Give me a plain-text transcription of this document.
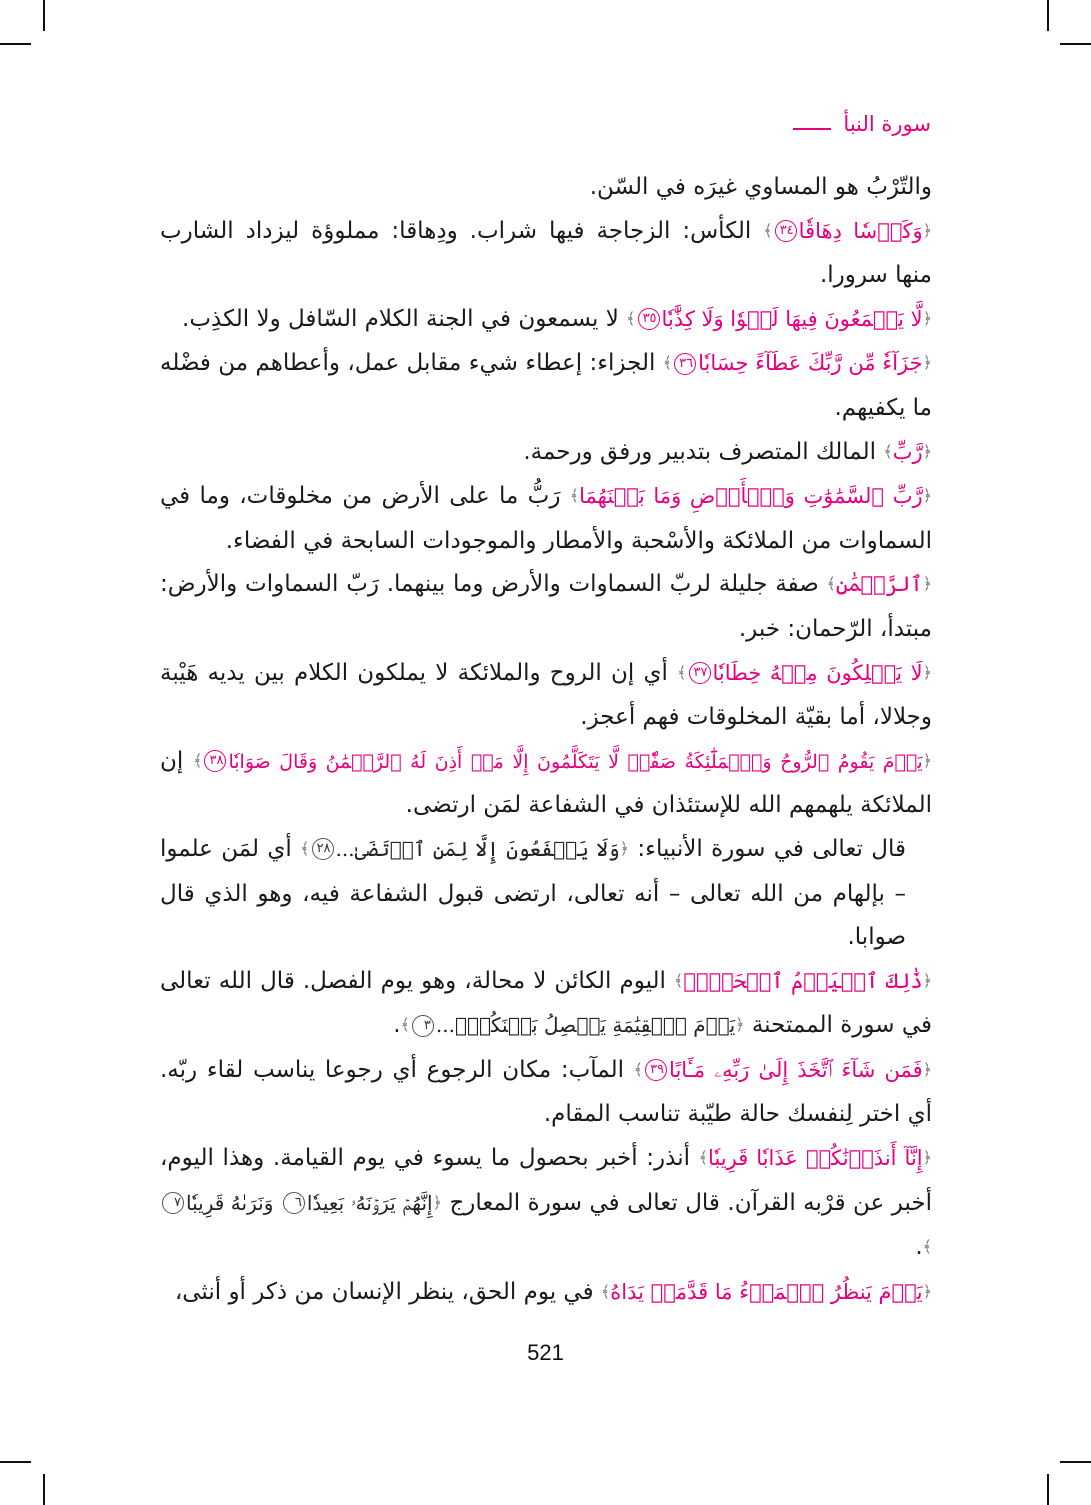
سورة النبأ

والتّرْبُ هو المساوي غيرَه في السّن.

﴿وَكَأۡسٗا دِهَاقٗا٣٤﴾ الكأس: الزجاجة فيها شراب. ودِهاقا: مملوؤة ليزداد الشارب منها سرورا.

﴿لَّا يَسۡمَعُونَ فِيهَا لَغۡوٗا وَلَا كِذَّٰبٗا٣٥﴾ لا يسمعون في الجنة الكلام السّافل ولا الكذِب.

﴿جَزَآءٗ مِّن رَّبِّكَ عَطَآءً حِسَابٗا٣٦﴾ الجزاء: إعطاء شيء مقابل عمل، وأعطاهم من فضْله ما يكفيهم.

﴿رَّبِّ﴾ المالك المتصرف بتدبير ورفق ورحمة.

﴿رَّبِّ ٱلسَّمَٰوَٰتِ وَٱلۡأَرۡضِ وَمَا بَيۡنَهُمَا﴾ رَبُّ ما على الأرض من مخلوقات، وما في السماوات من الملائكة والأسْحبة والأمطار والموجودات السابحة في الفضاء.

﴿ٱلرَّحۡمَٰنِ﴾ صفة جليلة لربّ السماوات والأرض وما بينهما. رَبّ السماوات والأرض: مبتدأ، الرّحمان: خبر.

﴿لَا يَمۡلِكُونَ مِنۡهُ خِطَابٗا٣٧﴾ أي إن الروح والملائكة لا يملكون الكلام بين يديه هَيْبة وجلالا، أما بقيّة المخلوقات فهم أعجز.

﴿يَوۡمَ يَقُومُ ٱلرُّوحُ وَٱلۡمَلَٰٓئِكَةُ صَفّٗاۖ لَّا يَتَكَلَّمُونَ إِلَّا مَنۡ أَذِنَ لَهُ ٱلرَّحۡمَٰنُ وَقَالَ صَوَابٗا٣٨﴾ إن الملائكة يلهمهم الله للإستئذان في الشفاعة لمَن ارتضى.

قال تعالى في سورة الأنبياء: ﴿وَلَا يَشۡفَعُونَ إِلَّا لِمَنِ ٱرۡتَضَىٰ...٢٨﴾ أي لمَن علموا – بإلهام من الله تعالى – أنه تعالى، ارتضى قبول الشفاعة فيه، وهو الذي قال صوابا.

﴿ذَٰلِكَ ٱلۡيَوۡمُ ٱلۡحَقُّۖ﴾ اليوم الكائن لا محالة، وهو يوم الفصل. قال الله تعالى في سورة الممتحنة ﴿يَوۡمَ ٱلۡقِيَٰمَةِ يَفۡصِلُ بَيۡنَكُمۡۚ...٣﴾.

﴿فَمَن شَآءَ ٱتَّخَذَ إِلَىٰ رَبِّهِۦ مَـَٔابًا٣٩﴾ المآب: مكان الرجوع أي رجوعا يناسب لقاء ربّه. أي اختر لِنفسك حالة طيّبة تناسب المقام.

﴿إِنَّآ أَنذَرۡنَٰكُمۡ عَذَابٗا قَرِيبٗا﴾ أنذر: أخبر بحصول ما يسوء في يوم القيامة. وهذا اليوم، أخبر عن قرْبه القرآن. قال تعالى في سورة المعارج ﴿إِنَّهُمۡ يَرَوۡنَهُۥ بَعِيدٗا٦ وَنَرَىٰهُ قَرِيبٗا٧﴾.

﴿يَوۡمَ يَنظُرُ ٱلۡمَرۡءُ مَا قَدَّمَتۡ يَدَاهُ﴾ في يوم الحق، ينظر الإنسان من ذكر أو أنثى،

521
